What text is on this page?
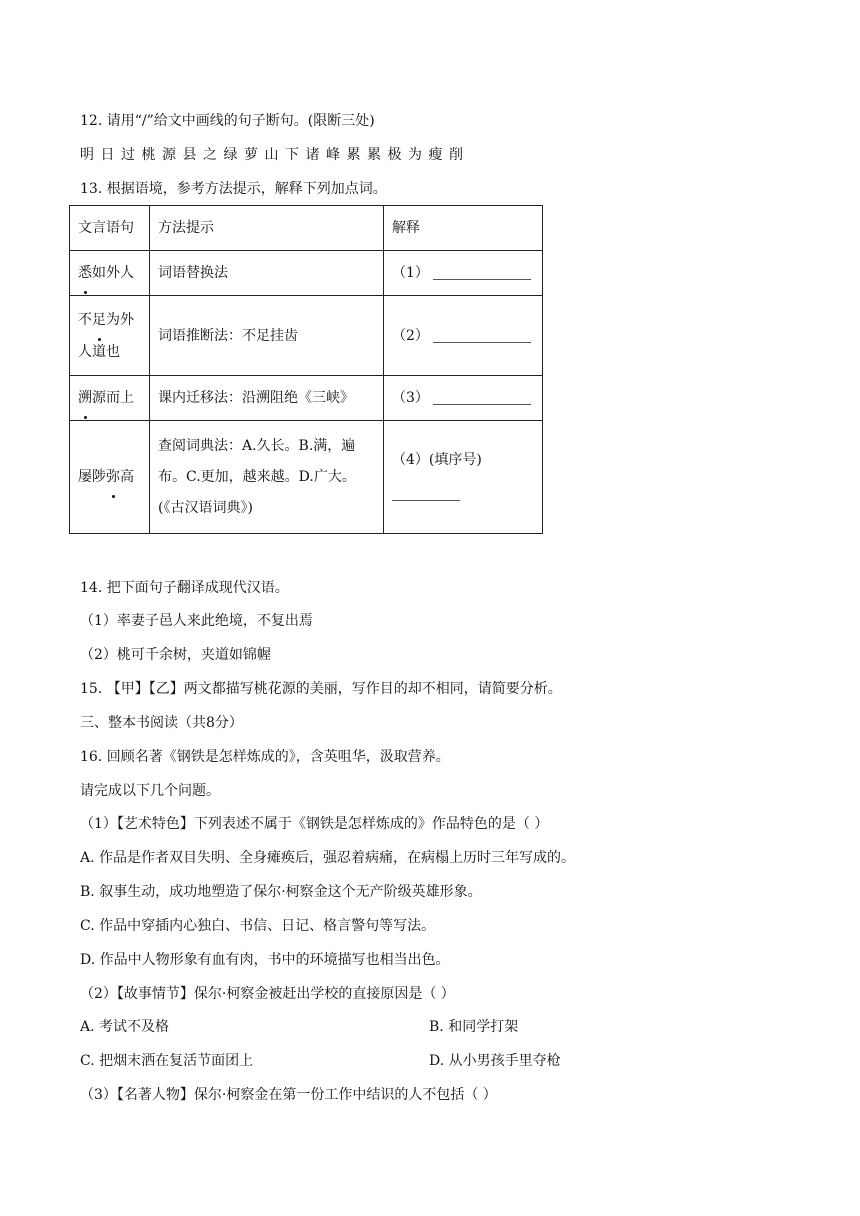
12. 请用“/”给文中画线的句子断句。(限断三处)
明日过桃源县之绿萝山下诸峰累累极为瘦削
13. 根据语境，参考方法提示，解释下列加点词。
文言语句	方法提示	解释
悉如外人	词语替换法	（1）
不足为外人道也	词语推断法：不足挂齿	（2）
溯源而上	课内迁移法：沿溯阻绝《三峡》	（3）
屡陟弥高	查阅词典法：A.久长。B.满，遍布。C.更加，越来越。D.广大。(《古汉语词典》)	（4）(填序号)

14. 把下面句子翻译成现代汉语。
（1）率妻子邑人来此绝境，不复出焉
（2）桃可千余树，夹道如锦幄
15. 【甲】【乙】两文都描写桃花源的美丽，写作目的却不相同，请简要分析。
三、整本书阅读（共8分）
16. 回顾名著《钢铁是怎样炼成的》，含英咀华，汲取营养。
请完成以下几个问题。
（1）【艺术特色】下列表述不属于《钢铁是怎样炼成的》作品特色的是（ ）
A. 作品是作者双目失明、全身瘫痪后，强忍着病痛，在病榻上历时三年写成的。
B. 叙事生动，成功地塑造了保尔·柯察金这个无产阶级英雄形象。
C. 作品中穿插内心独白、书信、日记、格言警句等写法。
D. 作品中人物形象有血有肉，书中的环境描写也相当出色。
（2）【故事情节】保尔·柯察金被赶出学校的直接原因是（ ）
A. 考试不及格	B. 和同学打架
C. 把烟末洒在复活节面团上	D. 从小男孩手里夺枪
（3）【名著人物】保尔·柯察金在第一份工作中结识的人不包括（ ）
